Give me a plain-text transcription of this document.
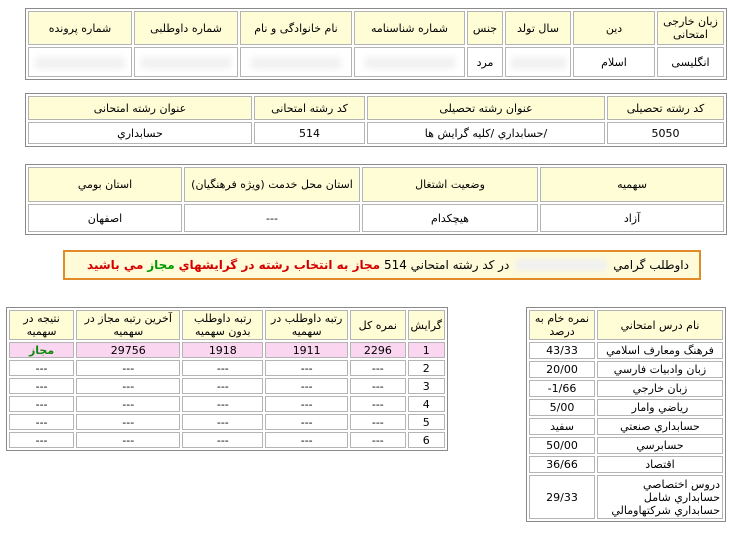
شماره پرونده	شماره داوطلبی	نام خانوادگی و نام	شماره شناسنامه	جنس	سال تولد	دین	زبان خارجی امتحانی
				مرد		اسلام	انگلیسی
عنوان رشته امتحانی	کد رشته امتحانی	عنوان رشته تحصیلی	کد رشته تحصیلی
حسابداري	514	حسابداري /كليه گرايش ها/	5050
استان بومي	استان محل خدمت (ويژه فرهنگيان)	وضعيت اشتغال	سهميه
اصفهان	---	هيچكدام	آزاد
داوطلب گرامي
در كد رشته امتحاني 514

مجاز به انتخاب رشته در گرايشهاي

مجاز

مي باشيد
نتيجه در سهميه	آخرين رتبه مجاز در سهميه	رتبه داوطلب بدون سهميه	رتبه داوطلب در سهميه	نمره كل	گرايش
مجاز	29756	1918	1911	2296	1
---	---	---	---	---	2
---	---	---	---	---	3
---	---	---	---	---	4
---	---	---	---	---	5
---	---	---	---	---	6
نمره خام به درصد	نام درس امتحاني
43/33	فرهنگ ومعارف اسلامي
20/00	زبان وادبيات فارسي
-1/66	زبان خارجي
5/00	رياضي وامار
سفيد	حسابداري صنعتي
50/00	حسابرسي
36/66	اقتصاد
29/33	دروس اختصاصي حسابداري شامل حسابداري شركتهاومالي
